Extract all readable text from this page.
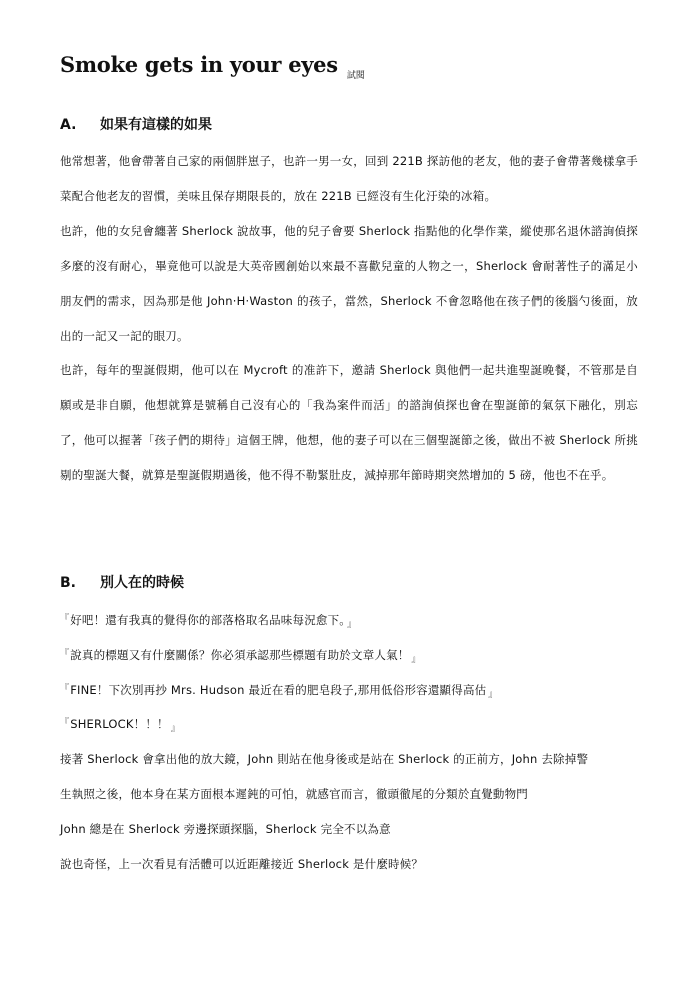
Smoke gets in your eyes $_{試閱}$
A. 如果有這樣的如果

他常想著，他會帶著自己家的兩個胖崽子，也許一男一女，回到 221B 探訪他的老友，他的妻子會帶著幾樣拿手菜配合他老友的習慣，美味且保存期限長的，放在 221B 已經沒有生化汙染的冰箱。

也許，他的女兒會纏著 Sherlock 說故事，他的兒子會要 Sherlock 指點他的化學作業，縱使那名退休諮詢偵探多麼的沒有耐心，畢竟他可以說是大英帝國創始以來最不喜歡兒童的人物之一，Sherlock 會耐著性子的滿足小朋友們的需求，因為那是他 John·H·Waston 的孩子，當然，Sherlock 不會忽略他在孩子們的後腦勺後面，放出的一記又一記的眼刀。

也許，每年的聖誕假期，他可以在 Mycroft 的准許下，邀請 Sherlock 與他們一起共進聖誕晚餐，不管那是自願或是非自願，他想就算是號稱自己沒有心的「我為案件而活」的諮詢偵探也會在聖誕節的氣氛下融化，別忘了，他可以握著「孩子們的期待」這個王牌，他想，他的妻子可以在三個聖誕節之後，做出不被 Sherlock 所挑剔的聖誕大餐，就算是聖誕假期過後，他不得不勒緊肚皮，減掉那年節時期突然增加的 5 磅，他也不在乎。

B. 別人在的時候
『好吧！還有我真的覺得你的部落格取名品味每況愈下。 $_』$
『說真的標題又有什麼關係？你必須承認那些標題有助於文章人氣！ $_』$
『FINE！下次別再抄 Mrs. Hudson 最近在看的肥皂段子,那用低俗形容還顯得高估 $_』$
『SHERLOCK！！！ $_』$
接著 Sherlock 會拿出他的放大鏡，John 則站在他身後或是站在 Sherlock 的正前方，John 去除掉警
生執照之後，他本身在某方面根本遲鈍的可怕，就感官而言，徹頭徹尾的分類於直覺動物門
John 總是在 Sherlock 旁邊探頭探腦，Sherlock 完全不以為意
說也奇怪，上一次看見有活體可以近距離接近 Sherlock 是什麼時候？
